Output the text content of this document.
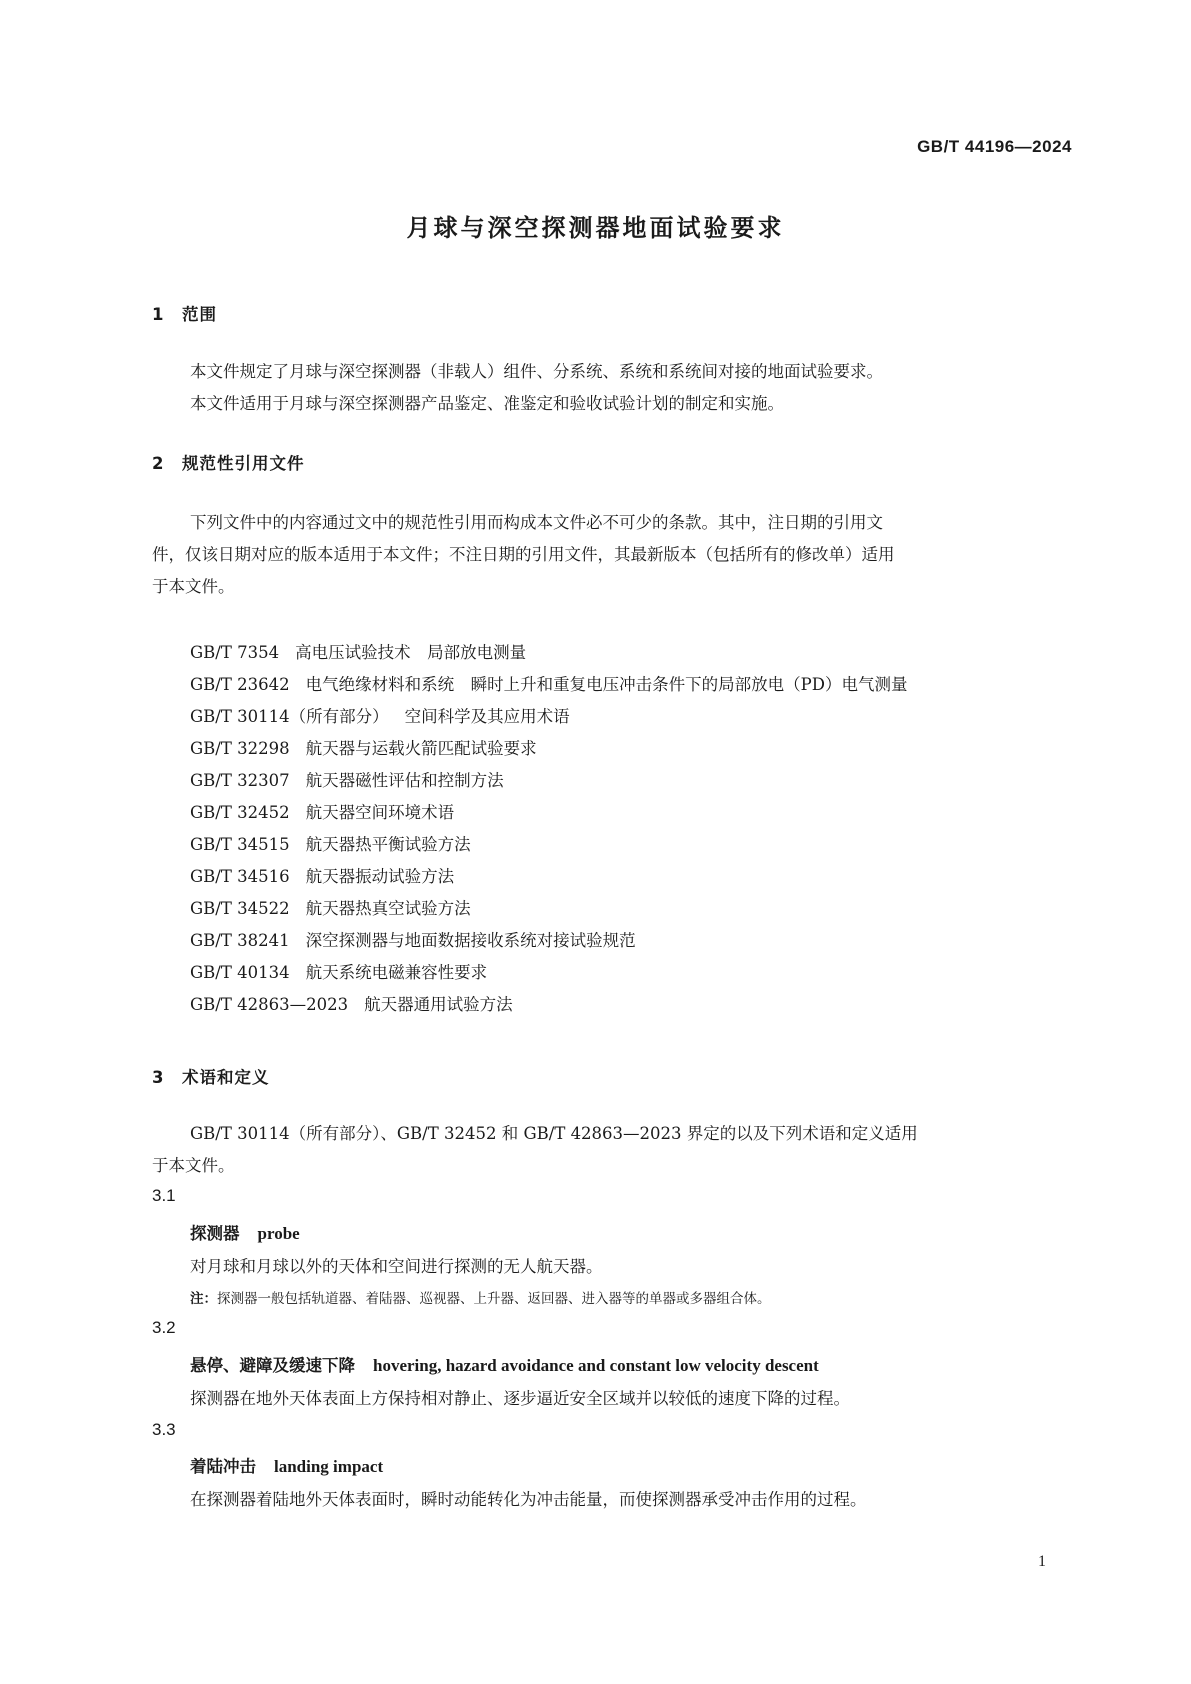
GB/T 44196—2024
月球与深空探测器地面试验要求
1 范围
本文件规定了月球与深空探测器（非载人）组件、分系统、系统和系统间对接的地面试验要求。
本文件适用于月球与深空探测器产品鉴定、准鉴定和验收试验计划的制定和实施。
2 规范性引用文件
下列文件中的内容通过文中的规范性引用而构成本文件必不可少的条款。其中，注日期的引用文
件，仅该日期对应的版本适用于本文件；不注日期的引用文件，其最新版本（包括所有的修改单）适用
于本文件。
GB/T 7354 高电压试验技术　局部放电测量
GB/T 23642 电气绝缘材料和系统　瞬时上升和重复电压冲击条件下的局部放电（PD）电气测量
GB/T 30114（所有部分） 空间科学及其应用术语
GB/T 32298 航天器与运载火箭匹配试验要求
GB/T 32307 航天器磁性评估和控制方法
GB/T 32452 航天器空间环境术语
GB/T 34515 航天器热平衡试验方法
GB/T 34516 航天器振动试验方法
GB/T 34522 航天器热真空试验方法
GB/T 38241 深空探测器与地面数据接收系统对接试验规范
GB/T 40134 航天系统电磁兼容性要求
GB/T 42863—2023 航天器通用试验方法
3 术语和定义
GB/T 30114（所有部分）、GB/T 32452 和 GB/T 42863—2023 界定的以及下列术语和定义适用
于本文件。
3.1
探测器 probe
对月球和月球以外的天体和空间进行探测的无人航天器。
注：探测器一般包括轨道器、着陆器、巡视器、上升器、返回器、进入器等的单器或多器组合体。
3.2
悬停、避障及缓速下降 hovering, hazard avoidance and constant low velocity descent
探测器在地外天体表面上方保持相对静止、逐步逼近安全区域并以较低的速度下降的过程。
3.3
着陆冲击 landing impact
在探测器着陆地外天体表面时，瞬时动能转化为冲击能量，而使探测器承受冲击作用的过程。
1
